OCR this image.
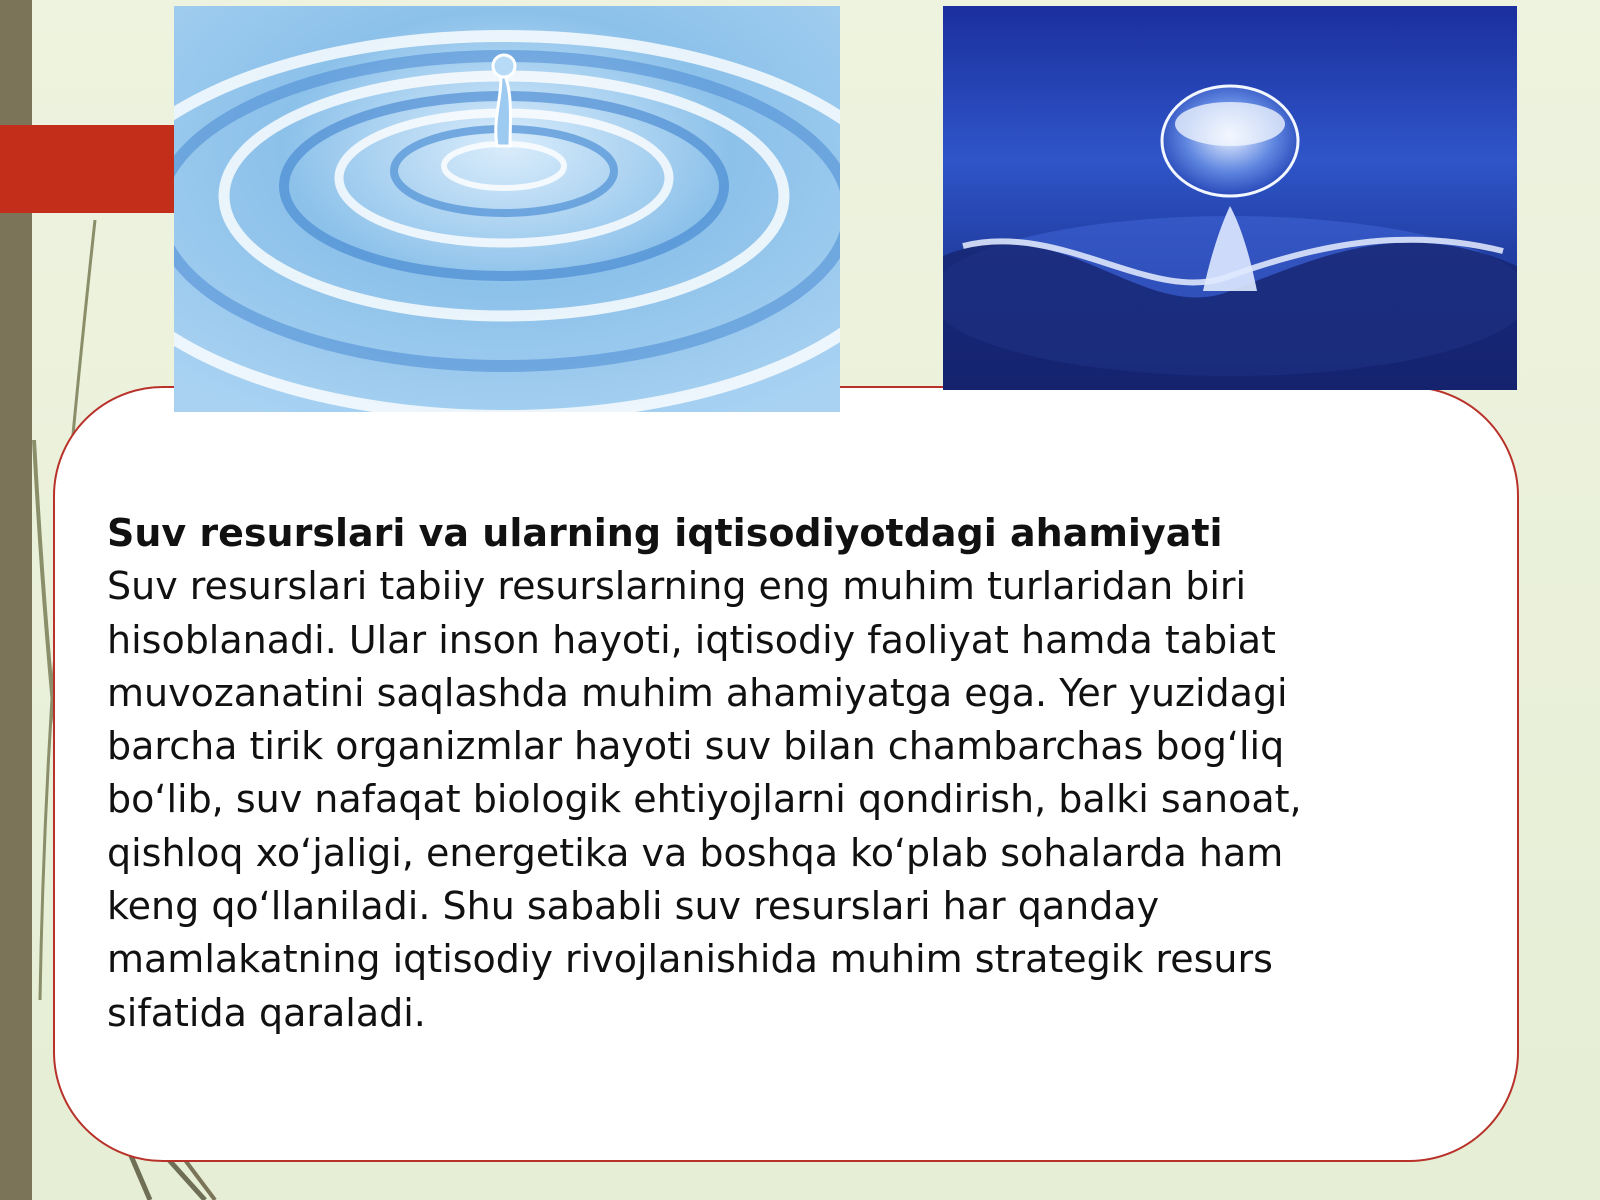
Suv resurslari va ularning iqtisodiyotdagi ahamiyati

Suv resurslari tabiiy resurslarning eng muhim turlaridan biri

hisoblanadi. Ular inson hayoti, iqtisodiy faoliyat hamda tabiat

muvozanatini saqlashda muhim ahamiyatga ega. Yer yuzidagi

barcha tirik organizmlar hayoti suv bilan chambarchas bog‘liq

bo‘lib, suv nafaqat biologik ehtiyojlarni qondirish, balki sanoat,

qishloq xo‘jaligi, energetika va boshqa ko‘plab sohalarda ham

keng qo‘llaniladi. Shu sababli suv resurslari har qanday

mamlakatning iqtisodiy rivojlanishida muhim strategik resurs

sifatida qaraladi.
